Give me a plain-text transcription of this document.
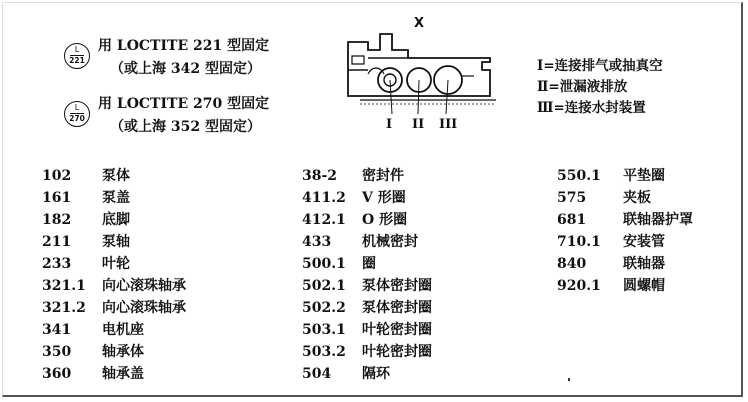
L
221
用 LOCTITE 221 型固定
（或上海 342 型固定）
L
270
用 LOCTITE 270 型固定
（或上海 352 型固定）
X
I II III
Ⅰ=连接排气或抽真空
Ⅱ=泄漏液排放
Ⅲ=连接水封装置
102 泵体
161 泵盖
182 底脚
211 泵轴
233 叶轮
321.1 向心滚珠轴承
321.2 向心滚珠轴承
341 电机座
350 轴承体
360 轴承盖
38-2 密封件
411.2 V 形圈
412.1 O 形圈
433 机械密封
500.1 圈
502.1 泵体密封圈
502.2 泵体密封圈
503.1 叶轮密封圈
503.2 叶轮密封圈
504 隔环
550.1 平垫圈
575	夹板
681	联轴器护罩
710.1 安装管
840	联轴器
920.1 圆螺帽
